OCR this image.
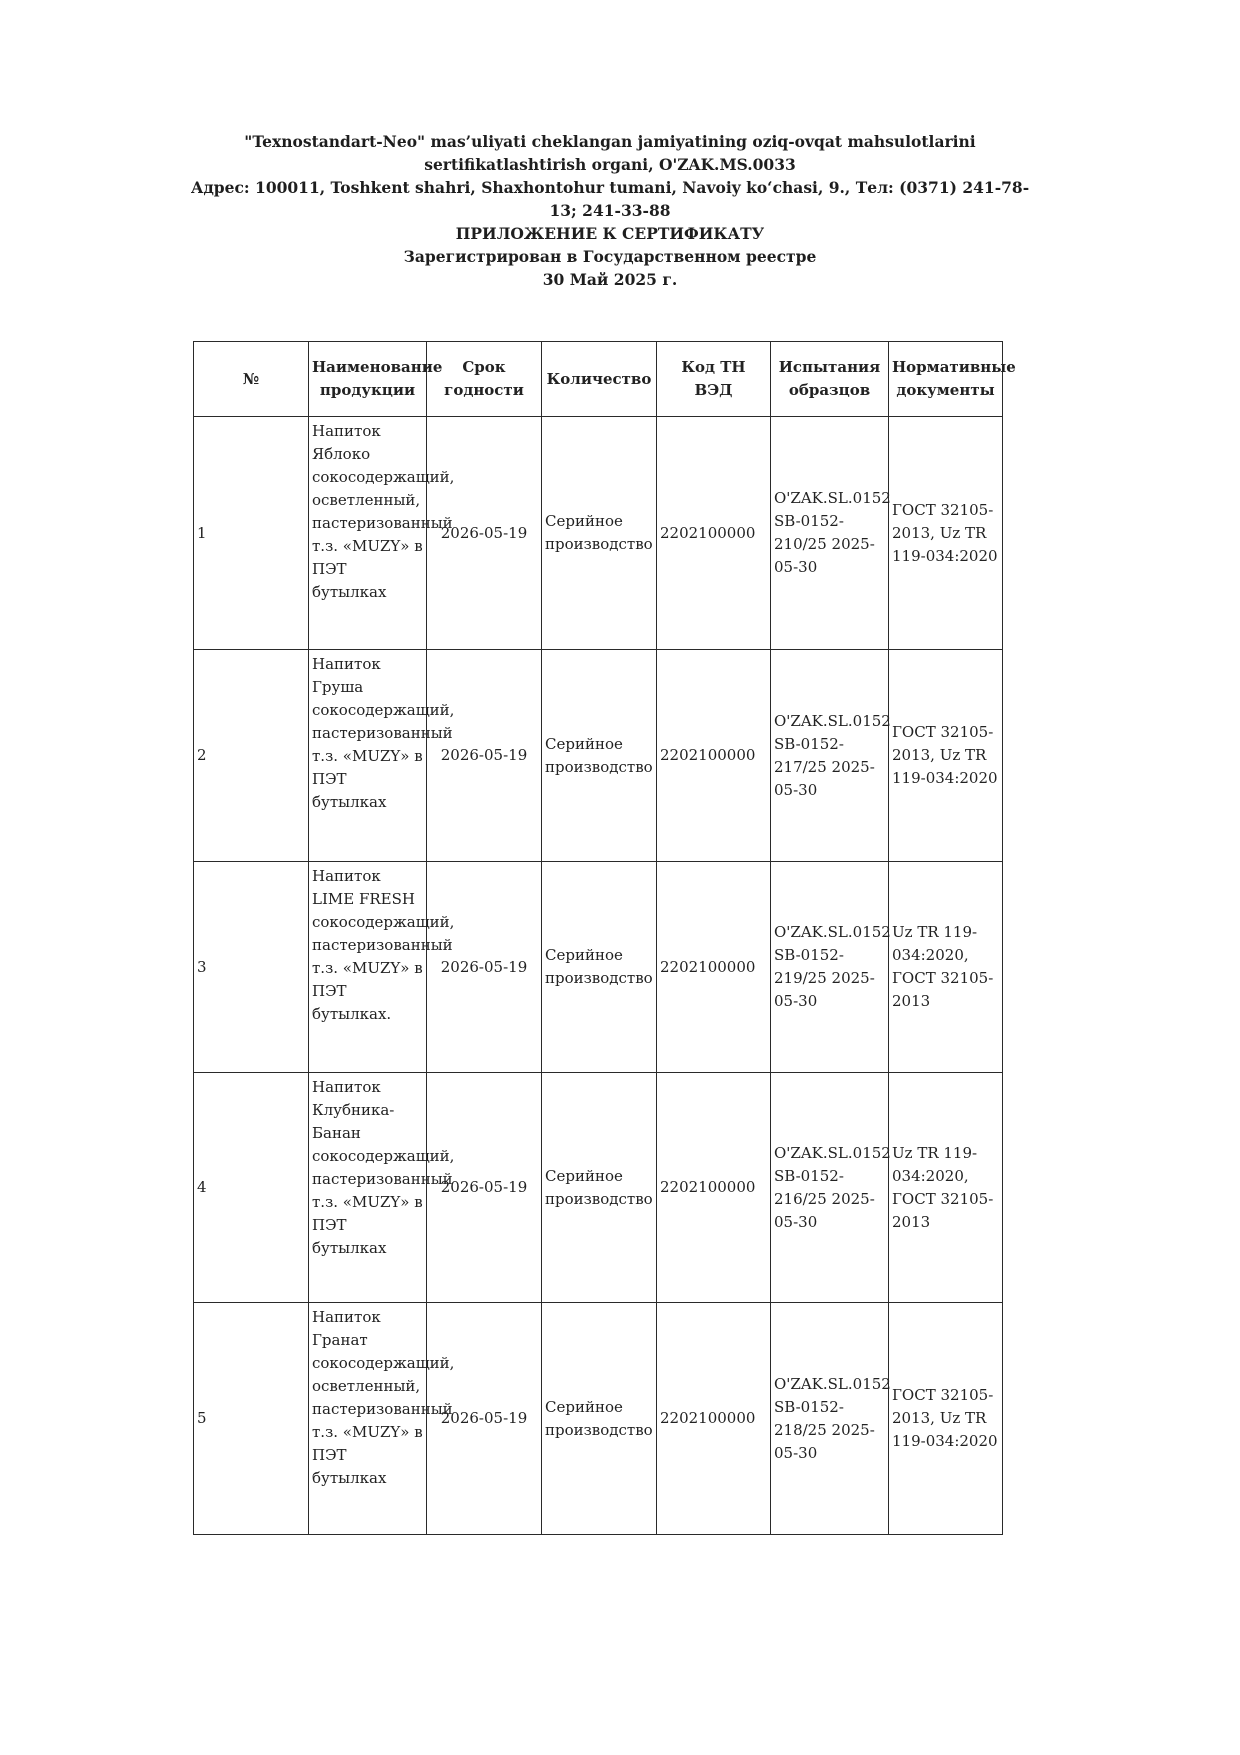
"Texnostandart-Neo" mas’uliyati cheklangan jamiyatining oziq-ovqat mahsulotlarini
sertifikatlashtirish organi, O'ZAK.MS.0033
Адрес: 100011, Toshkent shahri, Shaxhontohur tumani, Navoiy ko‘chasi, 9., Тел: (0371) 241-78-
13; 241-33-88
ПРИЛОЖЕНИЕ К СЕРТИФИКАТУ
Зарегистрирован в Государственном реестре
30 Май 2025 г.
№	Наименование продукции	Срок годности	Количество	Код ТН ВЭД	Испытания образцов	Нормативные документы
1	Напиток Яблоко сокосодержащий, осветленный, пастеризованный т.з. «MUZY» в ПЭТ бутылках	2026-05-19	Серийное производство	2202100000	O'ZAK.SL.0152 SB-0152-210/25 2025-05-30	ГОСТ 32105-2013, Uz TR 119-034:2020
2	Напиток Груша сокосодержащий, пастеризованный т.з. «MUZY» в ПЭТ бутылках	2026-05-19	Серийное производство	2202100000	O'ZAK.SL.0152 SB-0152-217/25 2025-05-30	ГОСТ 32105-2013, Uz TR 119-034:2020
3	Напиток LIME FRESH сокосодержащий, пастеризованный т.з. «MUZY» в ПЭТ бутылках.	2026-05-19	Серийное производство	2202100000	O'ZAK.SL.0152 SB-0152-219/25 2025-05-30	Uz TR 119-034:2020, ГОСТ 32105-2013
4	Напиток Клубника-Банан сокосодержащий, пастеризованный т.з. «MUZY» в ПЭТ бутылках	2026-05-19	Серийное производство	2202100000	O'ZAK.SL.0152 SB-0152-216/25 2025-05-30	Uz TR 119-034:2020, ГОСТ 32105-2013
5	Напиток Гранат сокосодержащий, осветленный, пастеризованный т.з. «MUZY» в ПЭТ бутылках	2026-05-19	Серийное производство	2202100000	O'ZAK.SL.0152 SB-0152-218/25 2025-05-30	ГОСТ 32105-2013, Uz TR 119-034:2020
